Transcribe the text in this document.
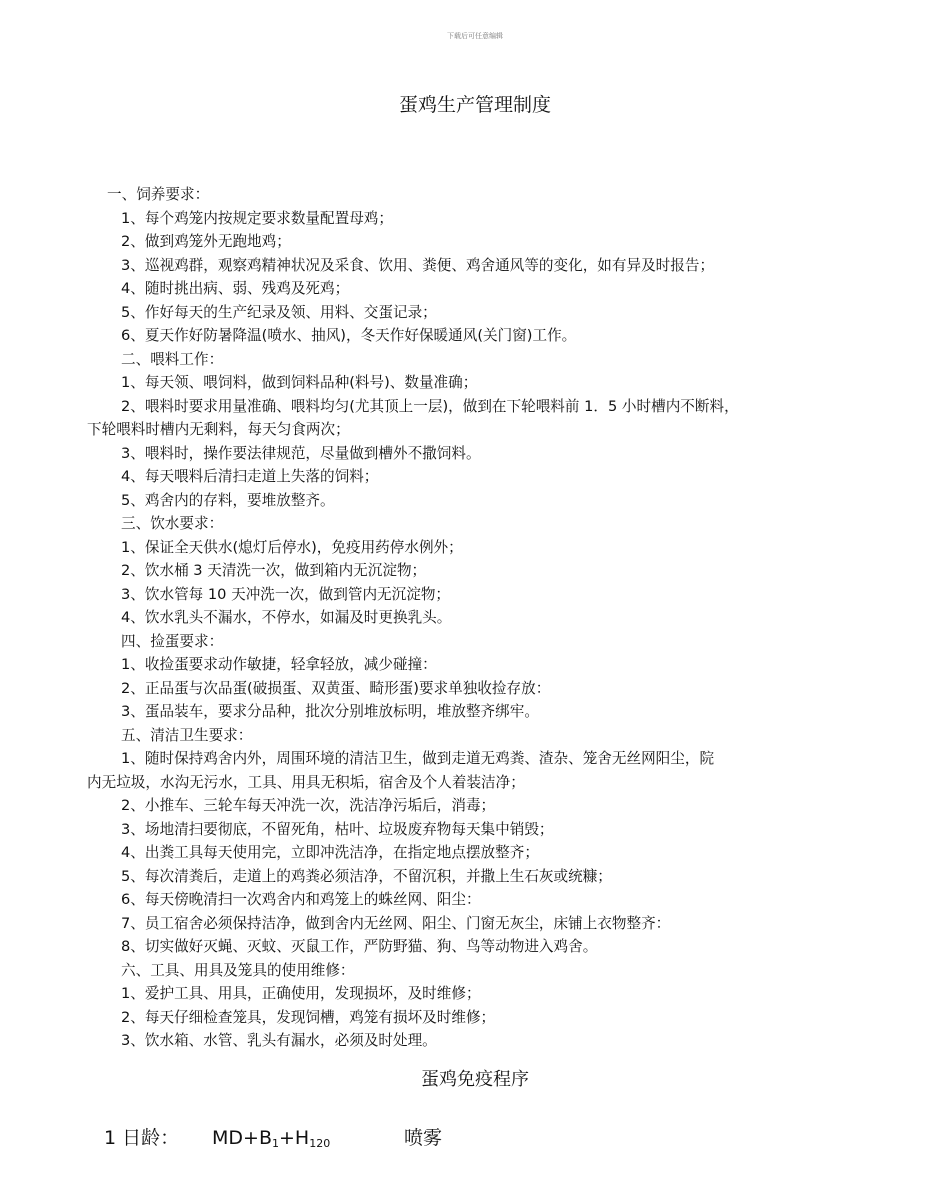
下载后可任意编辑
蛋鸡生产管理制度
一、饲养要求：
1、每个鸡笼内按规定要求数量配置母鸡；
2、做到鸡笼外无跑地鸡；
3、巡视鸡群，观察鸡精神状况及采食、饮用、粪便、鸡舍通风等的变化，如有异及时报告；
4、随时挑出病、弱、残鸡及死鸡；
5、作好每天的生产纪录及领、用料、交蛋记录；
6、夏天作好防暑降温(喷水、抽风)，冬天作好保暖通风(关门窗)工作。
二、喂料工作：
1、每天领、喂饲料，做到饲料品种(料号)、数量准确；
2、喂料时要求用量准确、喂料均匀(尤其顶上一层)，做到在下轮喂料前 1．5 小时槽内不断料，
下轮喂料时槽内无剩料，每天匀食两次；
3、喂料时，操作要法律规范，尽量做到槽外不撒饲料。
4、每天喂料后清扫走道上失落的饲料；
5、鸡舍内的存料，要堆放整齐。
三、饮水要求：
1、保证全天供水(熄灯后停水)，免疫用药停水例外；
2、饮水桶 3 天清洗一次，做到箱内无沉淀物；
3、饮水管每 10 天冲洗一次，做到管内无沉淀物；
4、饮水乳头不漏水，不停水，如漏及时更换乳头。
四、捡蛋要求：
1、收捡蛋要求动作敏捷，轻拿轻放，减少碰撞：
2、正品蛋与次品蛋(破损蛋、双黄蛋、畸形蛋)要求单独收捡存放：
3、蛋品装车，要求分品种，批次分别堆放标明，堆放整齐绑牢。
五、清洁卫生要求：
1、随时保持鸡舍内外，周围环境的清洁卫生，做到走道无鸡粪、渣杂、笼舍无丝网阳尘，院
内无垃圾，水沟无污水，工具、用具无积垢，宿舍及个人着装洁净；
2、小推车、三轮车每天冲洗一次，洗洁净污垢后，消毒；
3、场地清扫要彻底，不留死角，枯叶、垃圾废弃物每天集中销毁；
4、出粪工具每天使用完，立即冲洗洁净，在指定地点摆放整齐；
5、每次清粪后，走道上的鸡粪必须洁净，不留沉积，并撒上生石灰或统糠；
6、每天傍晚清扫一次鸡舍内和鸡笼上的蛛丝网、阳尘：
7、员工宿舍必须保持洁净，做到舍内无丝网、阳尘、门窗无灰尘，床铺上衣物整齐：
8、切实做好灭蝇、灭蚊、灭鼠工作，严防野猫、狗、鸟等动物进入鸡舍。
六、工具、用具及笼具的使用维修：
1、爱护工具、用具，正确使用，发现损坏，及时维修；
2、每天仔细检查笼具，发现饲槽，鸡笼有损坏及时维修；
3、饮水箱、水管、乳头有漏水，必须及时处理。
蛋鸡免疫程序
1 日龄： $MD+B_1+H_{120}$	喷雾
